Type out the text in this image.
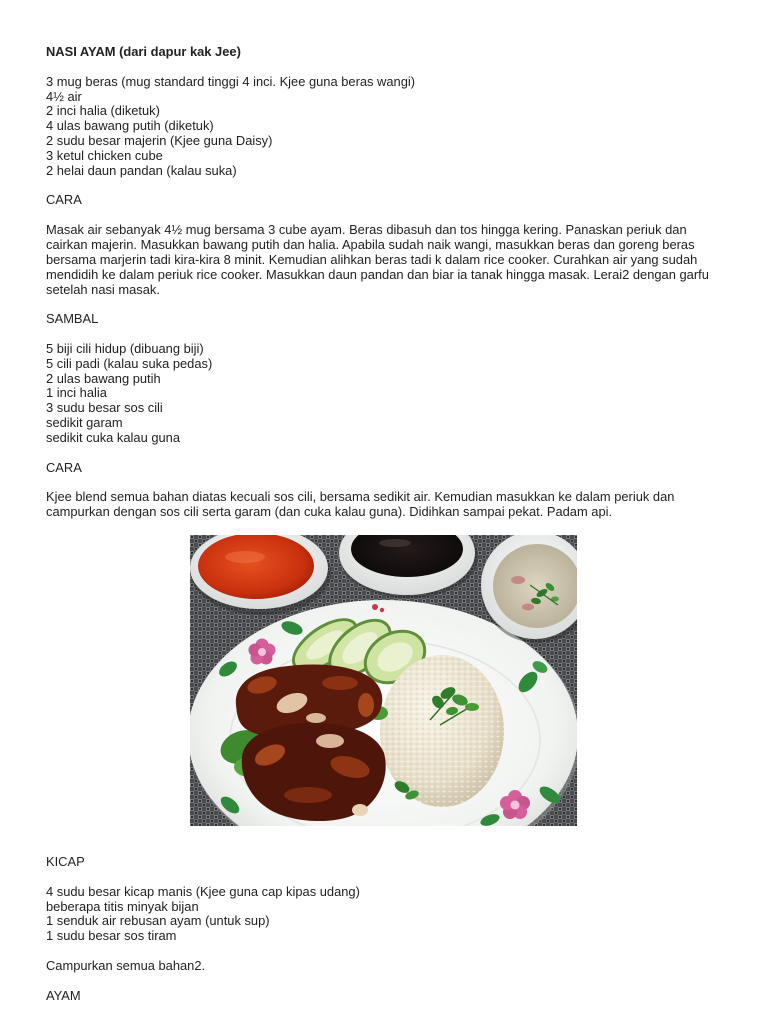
NASI AYAM (dari dapur kak Jee)
3 mug beras (mug standard tinggi 4 inci. Kjee guna beras wangi)
4½ air
2 inci halia (diketuk)
4 ulas bawang putih (diketuk)
2 sudu besar majerin (Kjee guna Daisy)
3 ketul chicken cube
2 helai daun pandan (kalau suka)
CARA
Masak air sebanyak 4½ mug bersama 3 cube ayam. Beras dibasuh dan tos hingga kering. Panaskan periuk dan
cairkan majerin. Masukkan bawang putih dan halia. Apabila sudah naik wangi, masukkan beras dan goreng beras
bersama marjerin tadi kira-kira 8 minit. Kemudian alihkan beras tadi k dalam rice cooker. Curahkan air yang sudah
mendidih ke dalam periuk rice cooker. Masukkan daun pandan dan biar ia tanak hingga masak. Lerai2 dengan garfu
setelah nasi masak.
SAMBAL
5 biji cili hidup (dibuang biji)
5 cili padi (kalau suka pedas)
2 ulas bawang putih
1 inci halia
3 sudu besar sos cili
sedikit garam
sedikit cuka kalau guna
CARA
Kjee blend semua bahan diatas kecuali sos cili, bersama sedikit air. Kemudian masukkan ke dalam periuk dan
campurkan dengan sos cili serta garam (dan cuka kalau guna). Didihkan sampai pekat. Padam api.
KICAP
4 sudu besar kicap manis (Kjee guna cap kipas udang)
beberapa titis minyak bijan
1 senduk air rebusan ayam (untuk sup)
1 sudu besar sos tiram
Campurkan semua bahan2.
AYAM
